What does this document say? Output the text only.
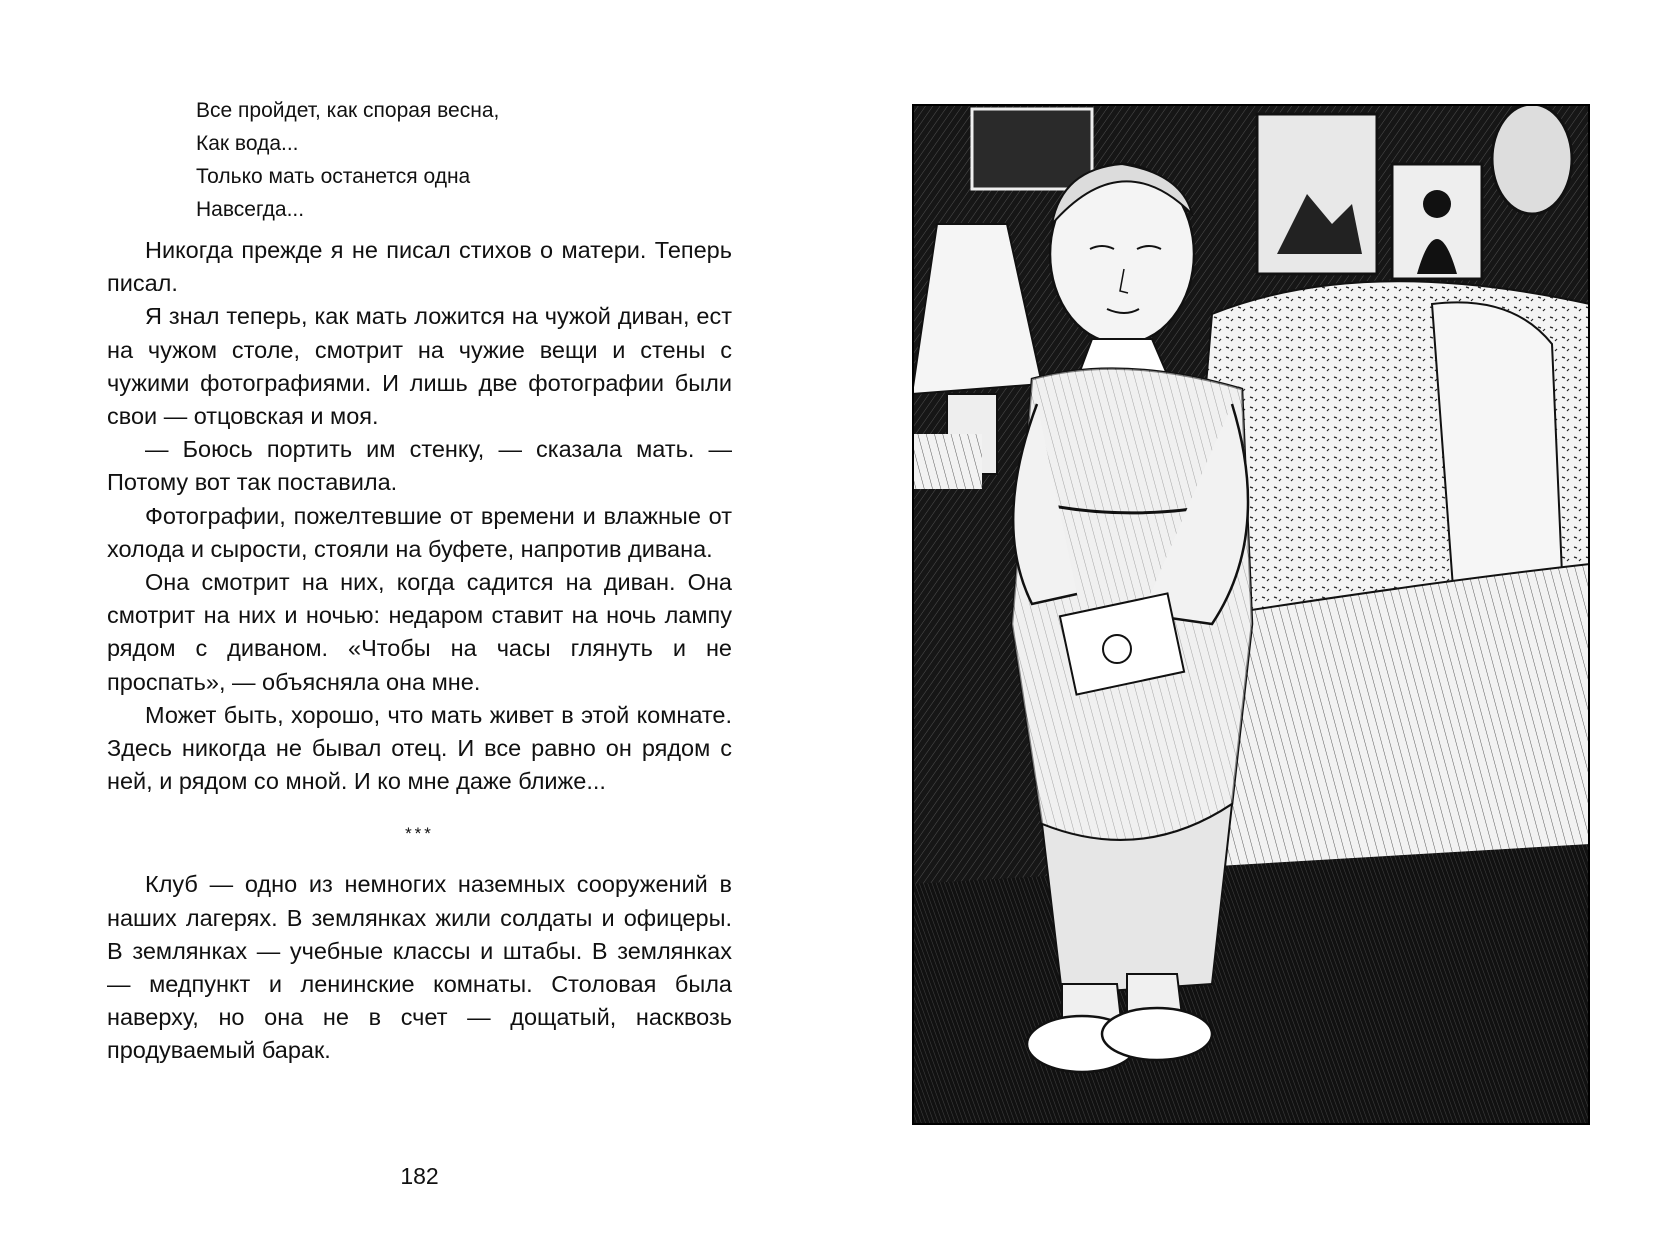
Все пройдет, как спорая весна,
Как вода...
Только мать останется одна
Навсегда...

Никогда прежде я не писал стихов о матери. Теперь писал.

Я знал теперь, как мать ложится на чужой диван, ест на чужом столе, смотрит на чужие вещи и стены с чужими фотографиями. И лишь две фотографии были свои — отцовская и моя.

— Боюсь портить им стенку, — сказала мать. — Потому вот так поставила.

Фотографии, пожелтевшие от времени и влажные от холода и сырости, стояли на буфете, напротив дивана.

Она смотрит на них, когда садится на диван. Она смотрит на них и ночью: недаром ставит на ночь лампу рядом с диваном. «Чтобы на часы глянуть и не проспать», — объясняла она мне.

Может быть, хорошо, что мать живет в этой комнате. Здесь никогда не бывал отец. И все равно он рядом с ней, и рядом со мной. И ко мне даже ближе...

***

Клуб — одно из немногих наземных сооружений в наших лагерях. В землянках жили солдаты и офицеры. В землянках — учебные классы и штабы. В землянках — медпункт и ленинские комнаты. Столовая была наверху, но она не в счет — дощатый, насквозь продуваемый барак.

182
